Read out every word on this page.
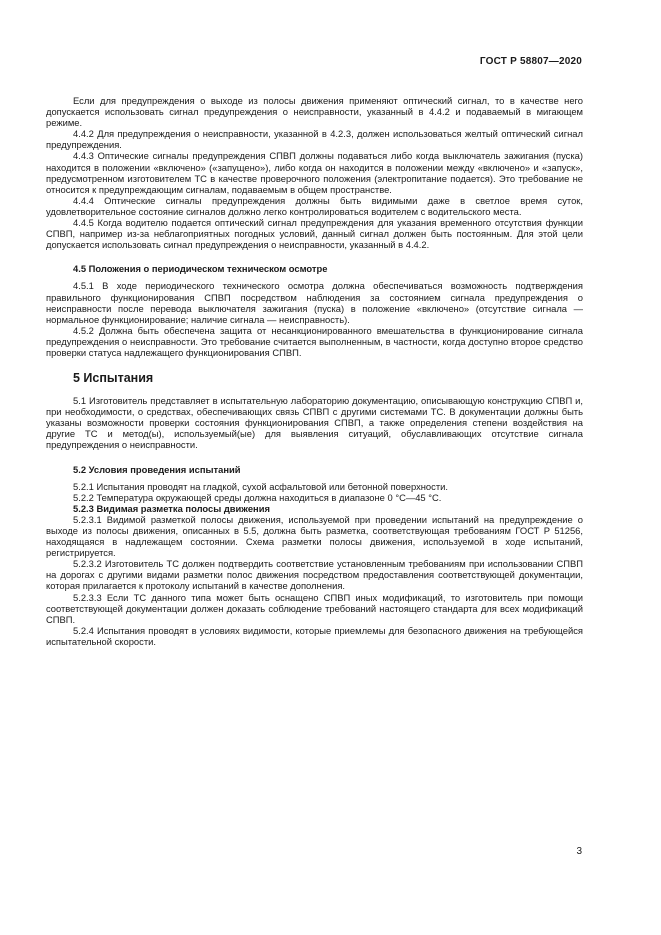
ГОСТ Р 58807—2020

Если для предупреждения о выходе из полосы движения применяют оптический сигнал, то в качестве него допускается использовать сигнал предупреждения о неисправности, указанный в 4.4.2 и подаваемый в мигающем режиме.

4.4.2 Для предупреждения о неисправности, указанной в 4.2.3, должен использоваться желтый оптический сигнал предупреждения.

4.4.3 Оптические сигналы предупреждения СПВП должны подаваться либо когда выключатель зажигания (пуска) находится в положении «включено» («запущено»), либо когда он находится в положении между «включено» и «запуск», предусмотренном изготовителем ТС в качестве проверочного положения (электропитание подается). Это требование не относится к предупреждающим сигналам, подаваемым в общем пространстве.

4.4.4 Оптические сигналы предупреждения должны быть видимыми даже в светлое время суток, удовлетворительное состояние сигналов должно легко контролироваться водителем с водительского места.

4.4.5 Когда водителю подается оптический сигнал предупреждения для указания временного отсутствия функции СПВП, например из-за неблагоприятных погодных условий, данный сигнал должен быть постоянным. Для этой цели допускается использовать сигнал предупреждения о неисправности, указанный в 4.4.2.

4.5 Положения о периодическом техническом осмотре

4.5.1 В ходе периодического технического осмотра должна обеспечиваться возможность подтверждения правильного функционирования СПВП посредством наблюдения за состоянием сигнала предупреждения о неисправности после перевода выключателя зажигания (пуска) в положение «включено» (отсутствие сигнала — нормальное функционирование; наличие сигнала — неисправность).

4.5.2 Должна быть обеспечена защита от несанкционированного вмешательства в функционирование сигнала предупреждения о неисправности. Это требование считается выполненным, в частности, когда доступно второе средство проверки статуса надлежащего функционирования СПВП.

5 Испытания

5.1 Изготовитель представляет в испытательную лабораторию документацию, описывающую конструкцию СПВП и, при необходимости, о средствах, обеспечивающих связь СПВП с другими системами ТС. В документации должны быть указаны возможности проверки состояния функционирования СПВП, а также определения степени воздействия на другие ТС и метод(ы), используемый(ые) для выявления ситуаций, обуславливающих отсутствие сигнала предупреждения о неисправности.

5.2 Условия проведения испытаний

5.2.1 Испытания проводят на гладкой, сухой асфальтовой или бетонной поверхности.

5.2.2 Температура окружающей среды должна находиться в диапазоне 0 °С—45 °С.

5.2.3 Видимая разметка полосы движения

5.2.3.1 Видимой разметкой полосы движения, используемой при проведении испытаний на предупреждение о выходе из полосы движения, описанных в 5.5, должна быть разметка, соответствующая требованиям ГОСТ Р 51256, находящаяся в надлежащем состоянии. Схема разметки полосы движения, используемой в ходе испытаний, регистрируется.

5.2.3.2 Изготовитель ТС должен подтвердить соответствие установленным требованиям при использовании СПВП на дорогах с другими видами разметки полос движения посредством предоставления соответствующей документации, которая прилагается к протоколу испытаний в качестве дополнения.

5.2.3.3 Если ТС данного типа может быть оснащено СПВП иных модификаций, то изготовитель при помощи соответствующей документации должен доказать соблюдение требований настоящего стандарта для всех модификаций СПВП.

5.2.4 Испытания проводят в условиях видимости, которые приемлемы для безопасного движения на требующейся испытательной скорости.

3
